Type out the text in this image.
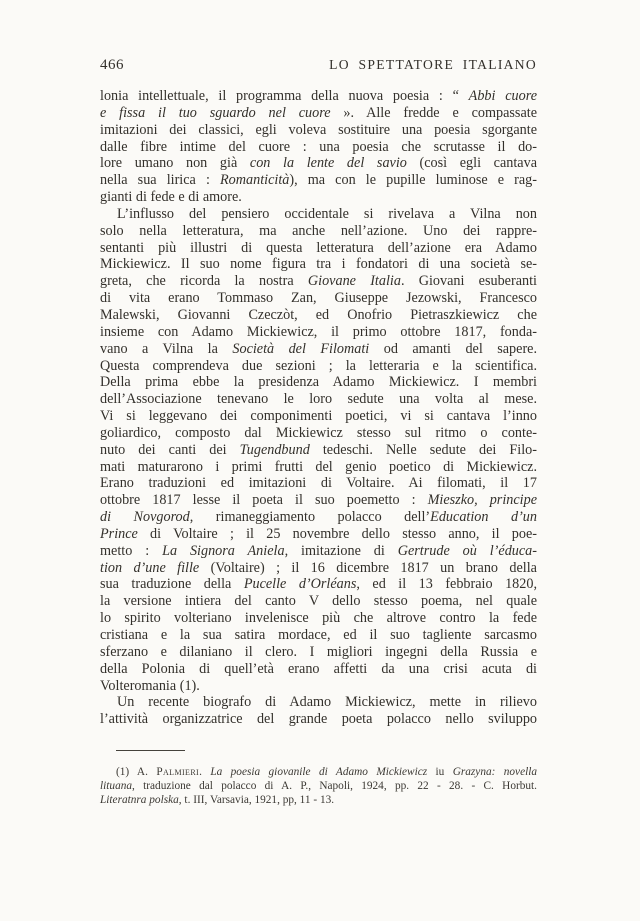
466	LO SPETTATORE ITALIANO
lonia intellettuale, il programma della nuova poesia : “ Abbi cuore
e fissa il tuo sguardo nel cuore ». Alle fredde e compassate
imitazioni dei classici, egli voleva sostituire una poesia sgorgante
dalle fibre intime del cuore : una poesia che scrutasse il do-
lore umano non già con la lente del savio (così egli cantava
nella sua lirica : Romanticità), ma con le pupille luminose e rag-
gianti di fede e di amore.
L’influsso del pensiero occidentale si rivelava a Vilna non
solo nella letteratura, ma anche nell’azione. Uno dei rappre-
sentanti più illustri di questa letteratura dell’azione era Adamo
Mickiewicz. Il suo nome figura tra i fondatori di una società se-
greta, che ricorda la nostra Giovane Italia. Giovani esuberanti
di vita erano Tommaso Zan, Giuseppe Jezowski, Francesco
Malewski, Giovanni Czeczòt, ed Onofrio Pietraszkiewicz che
insieme con Adamo Mickiewicz, il primo ottobre 1817, fonda-
vano a Vilna la Società del Filomati od amanti del sapere.
Questa comprendeva due sezioni ; la letteraria e la scientifica.
Della prima ebbe la presidenza Adamo Mickiewicz. I membri
dell’Associazione tenevano le loro sedute una volta al mese.
Vi si leggevano dei componimenti poetici, vi si cantava l’inno
goliardico, composto dal Mickiewicz stesso sul ritmo o conte-
nuto dei canti dei Tugendbund tedeschi. Nelle sedute dei Filo-
mati maturarono i primi frutti del genio poetico di Mickiewicz.
Erano traduzioni ed imitazioni di Voltaire. Ai filomati, il 17
ottobre 1817 lesse il poeta il suo poemetto : Mieszko, principe
di Novgorod, rimaneggiamento polacco dell’Education d’un
Prince di Voltaire ; il 25 novembre dello stesso anno, il poe-
metto : La Signora Aniela, imitazione di Gertrude où l’éduca-
tion d’une fille (Voltaire) ; il 16 dicembre 1817 un brano della
sua traduzione della Pucelle d’Orléans, ed il 13 febbraio 1820,
la versione intiera del canto V dello stesso poema, nel quale
lo spirito volteriano invelenisce più che altrove contro la fede
cristiana e la sua satira mordace, ed il suo tagliente sarcasmo
sferzano e dilaniano il clero. I migliori ingegni della Russia e
della Polonia di quell’età erano affetti da una crisi acuta di
Volteromania (1).
Un recente biografo di Adamo Mickiewicz, mette in rilievo
l’attività organizzatrice del grande poeta polacco nello sviluppo
(1) A. Palmieri. La poesia giovanile di Adamo Mickiewicz iu Grazyna: novella
lituana, traduzione dal polacco di A. P., Napoli, 1924, pp. 22 - 28. - C. Horbut.
Literatnra polska, t. III, Varsavia, 1921, pp, 11 - 13.
